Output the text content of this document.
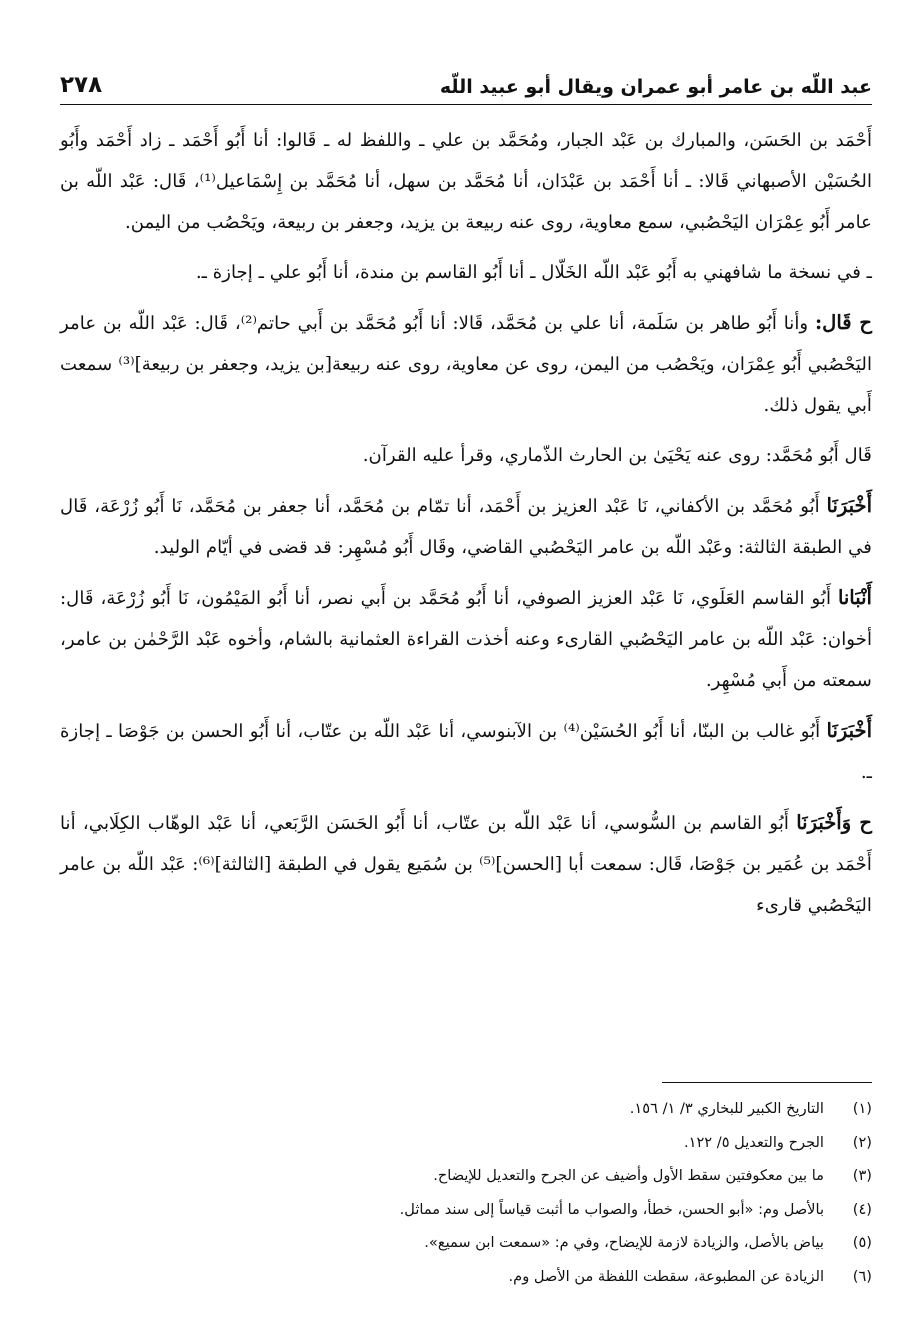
عبد اللّه بن عامر أبو عمران ويقال أبو عبيد اللّه
٢٧٨

أَحْمَد بن الحَسَن، والمبارك بن عَبْد الجبار، ومُحَمَّد بن علي ـ واللفظ له ـ قَالوا: أنا أَبُو أَحْمَد ـ زاد أَحْمَد وأَبُو الحُسَيْن الأصبهاني قَالا: ـ أنا أَحْمَد بن عَبْدَان، أنا مُحَمَّد بن سهل، أنا مُحَمَّد بن إِسْمَاعيل⁽¹⁾، قَال: عَبْد اللّه بن عامر أَبُو عِمْرَان اليَحْصُبي، سمع معاوية، روى عنه ربيعة بن يزيد، وجعفر بن ربيعة، ويَحْصُب من اليمن.

ـ في نسخة ما شافهني به أَبُو عَبْد اللّه الخَلّال ـ أنا أَبُو القاسم بن مندة، أنا أَبُو علي ـ إجازة ـ.

ح قَال: وأنا أَبُو طاهر بن سَلَمة، أنا علي بن مُحَمَّد، قَالا: أنا أَبُو مُحَمَّد بن أَبي حاتم⁽²⁾، قَال: عَبْد اللّه بن عامر اليَحْصُبي أَبُو عِمْرَان، ويَحْصُب من اليمن، روى عن معاوية، روى عنه ربيعة[بن يزيد، وجعفر بن ربيعة]⁽³⁾ سمعت أَبي يقول ذلك.

قَال أَبُو مُحَمَّد: روى عنه يَحْيَىٰ بن الحارث الذّماري، وقرأ عليه القرآن.

أَخْبَرَنَا أَبُو مُحَمَّد بن الأكفاني، نَا عَبْد العزيز بن أَحْمَد، أنا تمّام بن مُحَمَّد، أنا جعفر بن مُحَمَّد، نَا أَبُو زُرْعَة، قَال في الطبقة الثالثة: وعَبْد اللّه بن عامر اليَحْصُبي القاضي، وقَال أَبُو مُسْهِر: قد قضى في أيّام الوليد.

أَنْبَانا أَبُو القاسم العَلَوي، نَا عَبْد العزيز الصوفي، أنا أَبُو مُحَمَّد بن أَبي نصر، أنا أَبُو المَيْمُون، نَا أَبُو زُرْعَة، قَال: أخوان: عَبْد اللّه بن عامر اليَحْصُبي القارىء وعنه أخذت القراءة العثمانية بالشام، وأخوه عَبْد الرَّحْمٰن بن عامر، سمعته من أَبي مُسْهِر.

أَخْبَرَنَا أَبُو غالب بن البنّا، أنا أَبُو الحُسَيْن⁽⁴⁾ بن الآبنوسي، أنا عَبْد اللّه بن عتّاب، أنا أَبُو الحسن بن جَوْصَا ـ إجازة ـ.

ح وَأَخْبَرَنَا أَبُو القاسم بن السُّوسي، أنا عَبْد اللّه بن عتّاب، أنا أَبُو الحَسَن الرَّبَعي، أنا عَبْد الوهّاب الكِلَابي، أنا أَحْمَد بن عُمَير بن جَوْصَا، قَال: سمعت أبا [الحسن]⁽⁵⁾ بن سُمَيع يقول في الطبقة [الثالثة]⁽⁶⁾: عَبْد اللّه بن عامر اليَحْصُبي قارىء

(١)
التاريخ الكبير للبخاري ٣/ ١/ ١٥٦.
(٢)
الجرح والتعديل ٥/ ١٢٢.
(٣)
ما بين معكوفتين سقط الأول وأضيف عن الجرح والتعديل للإيضاح.
(٤)
بالأصل وم: «أبو الحسن، خطأ، والصواب ما أثبت قياساً إلى سند مماثل.
(٥)
بياض بالأصل، والزيادة لازمة للإيضاح، وفي م: «سمعت ابن سميع».
(٦)
الزيادة عن المطبوعة، سقطت اللفظة من الأصل وم.
